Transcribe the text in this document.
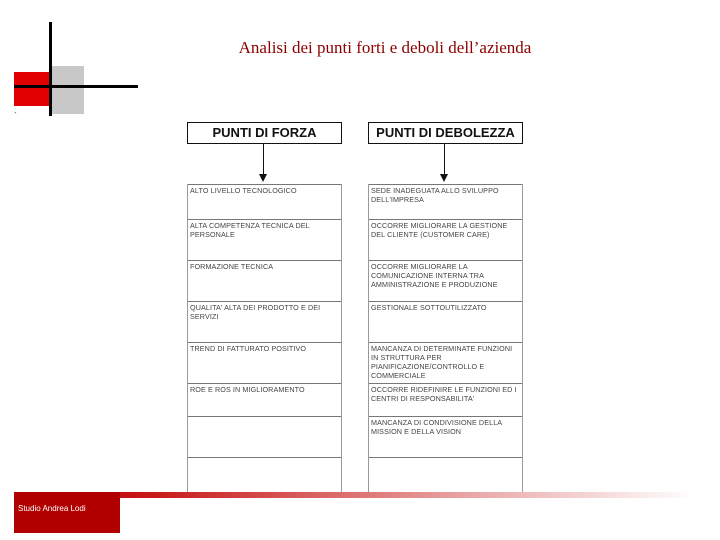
`
Analisi dei punti forti e deboli dell’azienda
PUNTI DI FORZA
ALTO LIVELLO TECNOLOGICO
ALTA COMPETENZA TECNICA DEL PERSONALE
FORMAZIONE TECNICA
QUALITA' ALTA DEI PRODOTTO E DEI SERVIZI
TREND DI FATTURATO POSITIVO
ROE E ROS IN MIGLIORAMENTO
PUNTI DI DEBOLEZZA
SEDE INADEGUATA ALLO SVILUPPO DELL'IMPRESA
OCCORRE MIGLIORARE LA GESTIONE DEL CLIENTE (CUSTOMER CARE)
OCCORRE MIGLIORARE LA COMUNICAZIONE INTERNA TRA AMMINISTRAZIONE E PRODUZIONE
GESTIONALE SOTTOUTILIZZATO
MANCANZA DI DETERMINATE FUNZIONI IN STRUTTURA PER PIANIFICAZIONE/CONTROLLO E COMMERCIALE
OCCORRE RIDEFINIRE LE FUNZIONI ED I CENTRI DI RESPONSABILITA'
MANCANZA DI CONDIVISIONE DELLA MISSION E DELLA VISION
Studio Andrea Lodi
